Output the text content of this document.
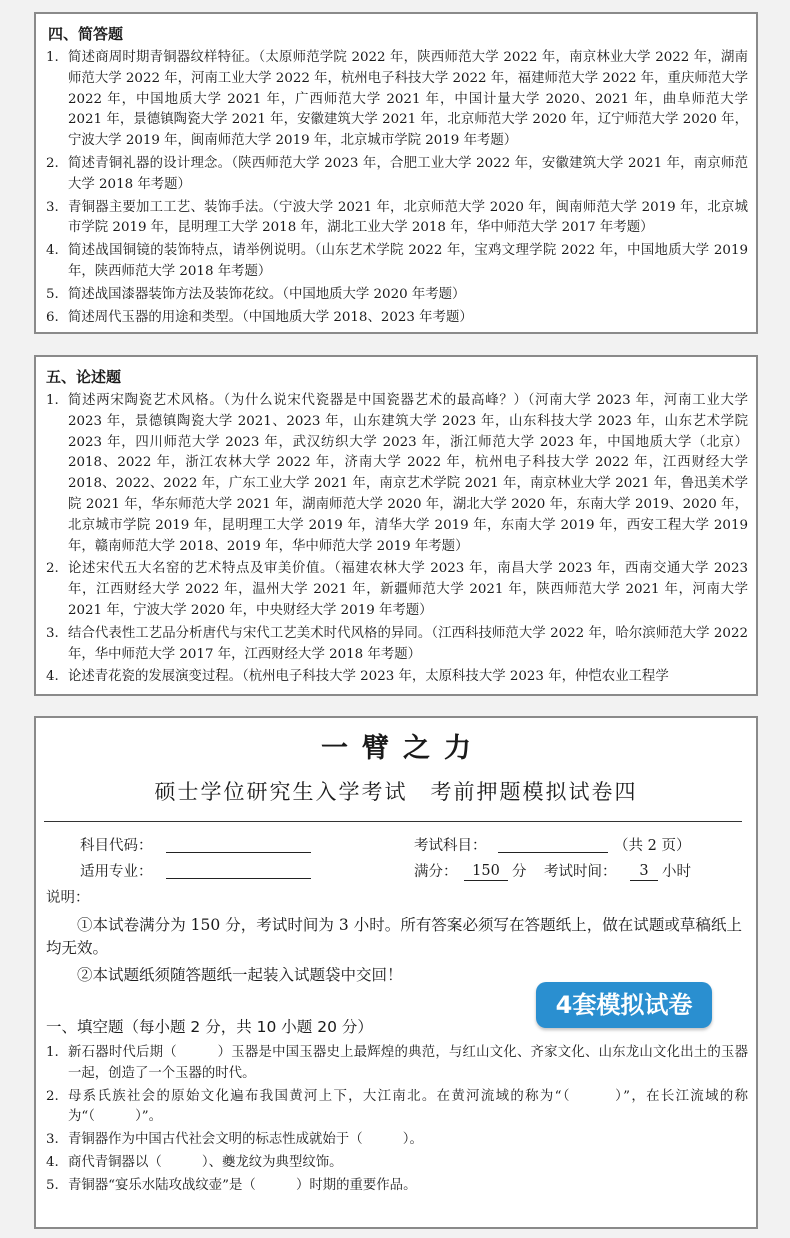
四、简答题
1. 简述商周时期青铜器纹样特征。（太原师范学院 2022 年，陕西师范大学 2022 年，南京林业大学 2022 年，湖南师范大学 2022 年，河南工业大学 2022 年，杭州电子科技大学 2022 年，福建师范大学 2022 年，重庆师范大学 2022 年，中国地质大学 2021 年，广西师范大学 2021 年，中国计量大学 2020、2021 年，曲阜师范大学 2021 年，景德镇陶瓷大学 2021 年，安徽建筑大学 2021 年，北京师范大学 2020 年，辽宁师范大学 2020 年，宁波大学 2019 年，闽南师范大学 2019 年，北京城市学院 2019 年考题）
2. 简述青铜礼器的设计理念。（陕西师范大学 2023 年，合肥工业大学 2022 年，安徽建筑大学 2021 年，南京师范大学 2018 年考题）
3. 青铜器主要加工工艺、装饰手法。（宁波大学 2021 年，北京师范大学 2020 年，闽南师范大学 2019 年，北京城市学院 2019 年，昆明理工大学 2018 年，湖北工业大学 2018 年，华中师范大学 2017 年考题）
4. 简述战国铜镜的装饰特点，请举例说明。（山东艺术学院 2022 年，宝鸡文理学院 2022 年，中国地质大学 2019 年，陕西师范大学 2018 年考题）
5. 简述战国漆器装饰方法及装饰花纹。（中国地质大学 2020 年考题）
6. 简述周代玉器的用途和类型。（中国地质大学 2018、2023 年考题）
五、论述题
1. 简述两宋陶瓷艺术风格。（为什么说宋代瓷器是中国瓷器艺术的最高峰？）（河南大学 2023 年，河南工业大学 2023 年，景德镇陶瓷大学 2021、2023 年，山东建筑大学 2023 年，山东科技大学 2023 年，山东艺术学院 2023 年，四川师范大学 2023 年，武汉纺织大学 2023 年，浙江师范大学 2023 年，中国地质大学（北京）2018、2022 年，浙江农林大学 2022 年，济南大学 2022 年，杭州电子科技大学 2022 年，江西财经大学 2018、2022、2022 年，广东工业大学 2021 年，南京艺术学院 2021 年，南京林业大学 2021 年，鲁迅美术学院 2021 年，华东师范大学 2021 年，湖南师范大学 2020 年，湖北大学 2020 年，东南大学 2019、2020 年，北京城市学院 2019 年，昆明理工大学 2019 年，清华大学 2019 年，东南大学 2019 年，西安工程大学 2019 年，赣南师范大学 2018、2019 年，华中师范大学 2019 年考题）
2. 论述宋代五大名窑的艺术特点及审美价值。（福建农林大学 2023 年，南昌大学 2023 年，西南交通大学 2023 年，江西财经大学 2022 年，温州大学 2021 年，新疆师范大学 2021 年，陕西师范大学 2021 年，河南大学 2021 年，宁波大学 2020 年，中央财经大学 2019 年考题）
3. 结合代表性工艺品分析唐代与宋代工艺美术时代风格的异同。（江西科技师范大学 2022 年，哈尔滨师范大学 2022 年，华中师范大学 2017 年，江西财经大学 2018 年考题）
4. 论述青花瓷的发展演变过程。（杭州电子科技大学 2023 年，太原科技大学 2023 年，仲恺农业工程学
一臂之力
硕士学位研究生入学考试　考前押题模拟试卷四
科目代码：	考试科目：	（共 2 页）
适用专业：	满分：	150 分 考试时间：	3 小时
说明：
①本试卷满分为 150 分，考试时间为 3 小时。所有答案必须写在答题纸上，做在试题或草稿纸上均无效。
②本试题纸须随答题纸一起装入试题袋中交回！
4套模拟试卷
一、填空题（每小题 2 分，共 10 小题 20 分）
1. 新石器时代后期（　　　）玉器是中国玉器史上最辉煌的典范，与红山文化、齐家文化、山东龙山文化出土的玉器一起，创造了一个玉器的时代。
2. 母系氏族社会的原始文化遍布我国黄河上下，大江南北。在黄河流域的称为“（　　　）”，在长江流域的称为“（　　　）”。
3. 青铜器作为中国古代社会文明的标志性成就始于（　　　）。
4. 商代青铜器以（　　　）、夔龙纹为典型纹饰。
5. 青铜器“宴乐水陆攻战纹壶”是（　　　）时期的重要作品。
